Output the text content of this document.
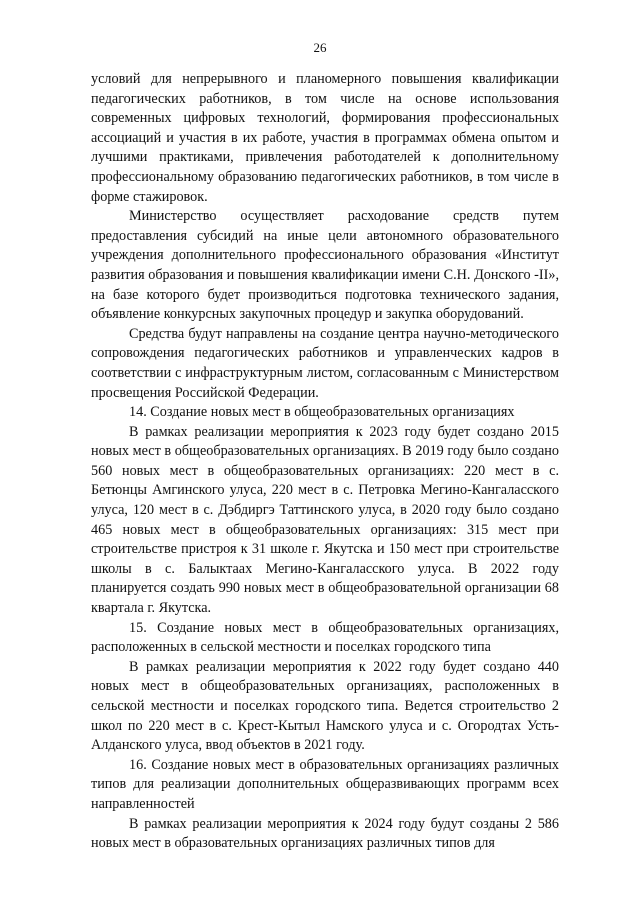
26

условий для непрерывного и планомерного повышения квалификации педагогических работников, в том числе на основе использования современных цифровых технологий, формирования профессиональных ассоциаций и участия в их работе, участия в программах обмена опытом и лучшими практиками, привлечения работодателей к дополнительному профессиональному образованию педагогических работников, в том числе в форме стажировок.

Министерство осуществляет расходование средств путем предоставления субсидий на иные цели автономного образовательного учреждения дополнительного профессионального образования «Институт развития образования и повышения квалификации имени С.Н. Донского -II», на базе которого будет производиться подготовка технического задания, объявление конкурсных закупочных процедур и закупка оборудований.

Средства будут направлены на создание центра научно-методического сопровождения педагогических работников и управленческих кадров в соответствии с инфраструктурным листом, согласованным с Министерством просвещения Российской Федерации.

14. Создание новых мест в общеобразовательных организациях

В рамках реализации мероприятия к 2023 году будет создано 2015 новых мест в общеобразовательных организациях. В 2019 году было создано 560 новых мест в общеобразовательных организациях: 220 мест в с. Бетюнцы Амгинского улуса, 220 мест в с. Петровка Мегино-Кангаласского улуса, 120 мест в с. Дэбдиргэ Таттинского улуса, в 2020 году было создано 465 новых мест в общеобразовательных организациях: 315 мест при строительстве пристроя к 31 школе г. Якутска и 150 мест при строительстве школы в с. Балыктаах Мегино-Кангаласского улуса. В 2022 году планируется создать 990 новых мест в общеобразовательной организации 68 квартала г. Якутска.

15. Создание новых мест в общеобразовательных организациях, расположенных в сельской местности и поселках городского типа

В рамках реализации мероприятия к 2022 году будет создано 440 новых мест в общеобразовательных организациях, расположенных в сельской местности и поселках городского типа. Ведется строительство 2 школ по 220 мест в с. Крест-Кытыл Намского улуса и с. Огородтах Усть-Алданского улуса, ввод объектов в 2021 году.

16. Создание новых мест в образовательных организациях различных типов для реализации дополнительных общеразвивающих программ всех направленностей

В рамках реализации мероприятия к 2024 году будут созданы 2 586 новых мест в образовательных организациях различных типов для
